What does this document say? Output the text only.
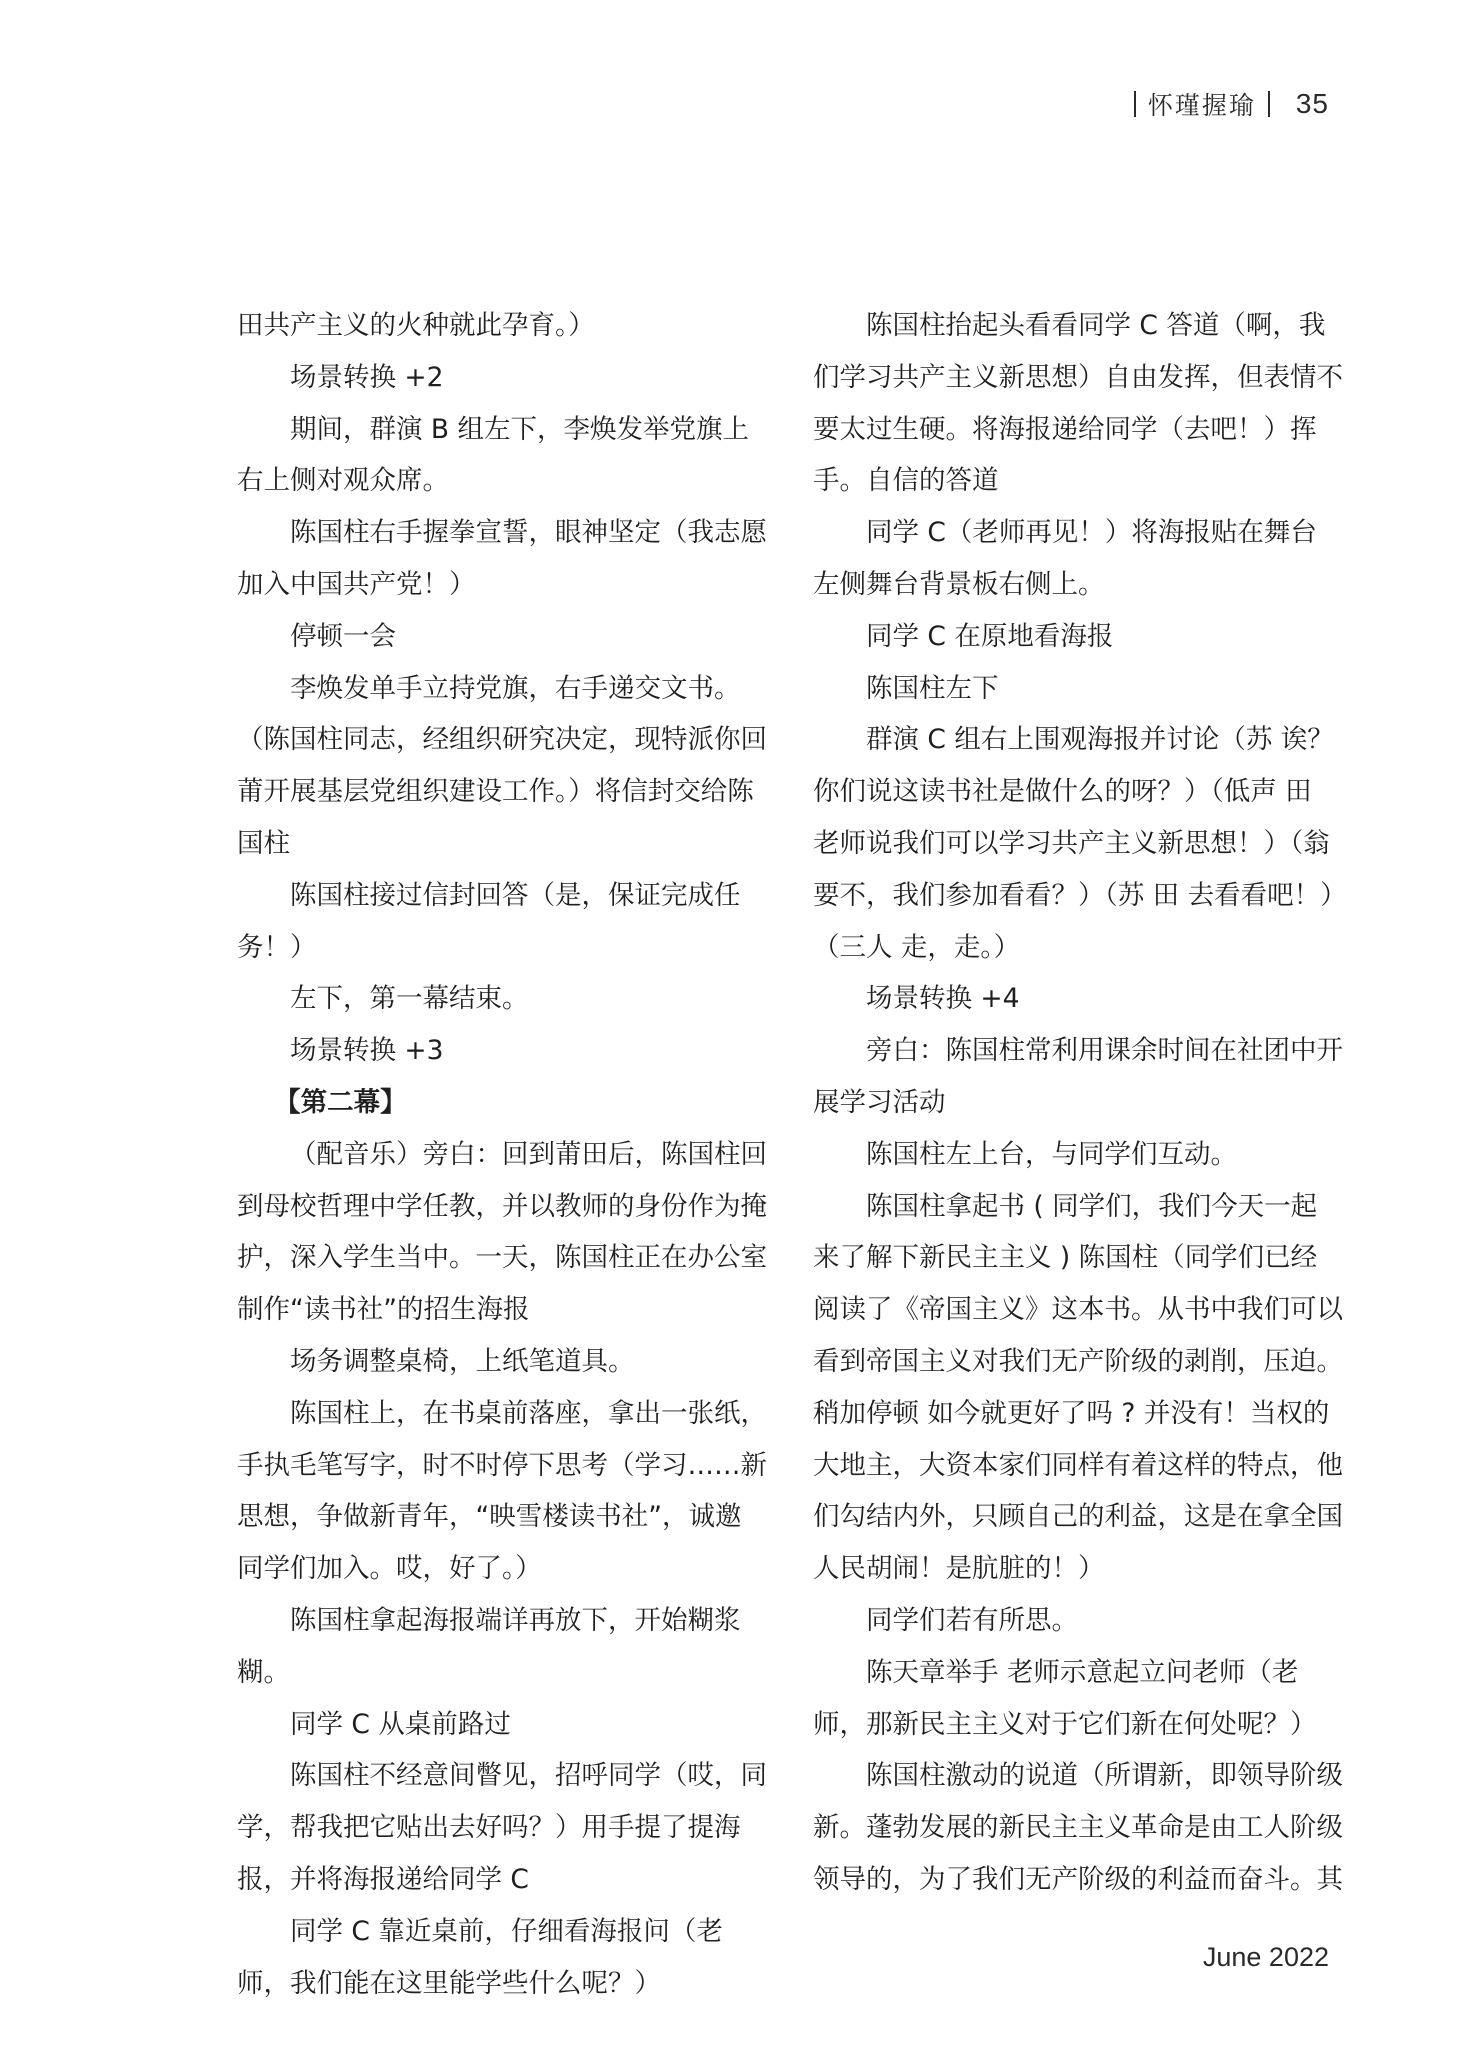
怀瑾握瑜 35

田共产主义的火种就此孕育。）

场景转换 +2

期间，群演 B 组左下，李焕发举党旗上右上侧对观众席。

陈国柱右手握拳宣誓，眼神坚定（我志愿加入中国共产党！）

停顿一会

李焕发单手立持党旗，右手递交文书。（陈国柱同志，经组织研究决定，现特派你回莆开展基层党组织建设工作。）将信封交给陈国柱

陈国柱接过信封回答（是，保证完成任务！）

左下，第一幕结束。

场景转换 +3

【第二幕】

（配音乐）旁白：回到莆田后，陈国柱回到母校哲理中学任教，并以教师的身份作为掩护，深入学生当中。一天，陈国柱正在办公室制作“读书社”的招生海报

场务调整桌椅，上纸笔道具。

陈国柱上，在书桌前落座，拿出一张纸，手执毛笔写字，时不时停下思考（学习……新思想，争做新青年，“映雪楼读书社”，诚邀同学们加入。哎，好了。）

陈国柱拿起海报端详再放下，开始糊浆糊。

同学 C 从桌前路过

陈国柱不经意间瞥见，招呼同学（哎，同学，帮我把它贴出去好吗？）用手提了提海报，并将海报递给同学 C

同学 C 靠近桌前，仔细看海报问（老师，我们能在这里能学些什么呢？）

陈国柱抬起头看看同学 C 答道（啊，我们学习共产主义新思想）自由发挥，但表情不要太过生硬。将海报递给同学（去吧！）挥手。自信的答道

同学 C（老师再见！）将海报贴在舞台左侧舞台背景板右侧上。

同学 C 在原地看海报

陈国柱左下

群演 C 组右上围观海报并讨论（苏 诶？你们说这读书社是做什么的呀？）（低声 田 老师说我们可以学习共产主义新思想！）（翁 要不，我们参加看看？）（苏 田 去看看吧！）（三人 走，走。）

场景转换 +4

旁白：陈国柱常利用课余时间在社团中开展学习活动

陈国柱左上台，与同学们互动。

陈国柱拿起书 ( 同学们，我们今天一起来了解下新民主主义 ) 陈国柱（同学们已经阅读了《帝国主义》这本书。从书中我们可以看到帝国主义对我们无产阶级的剥削，压迫。稍加停顿 如今就更好了吗 ? 并没有！当权的大地主，大资本家们同样有着这样的特点，他们勾结内外，只顾自己的利益，这是在拿全国人民胡闹！是肮脏的！）

同学们若有所思。

陈天章举手 老师示意起立问老师（老师，那新民主主义对于它们新在何处呢？）

陈国柱激动的说道（所谓新，即领导阶级新。蓬勃发展的新民主主义革命是由工人阶级领导的，为了我们无产阶级的利益而奋斗。其

June 2022
